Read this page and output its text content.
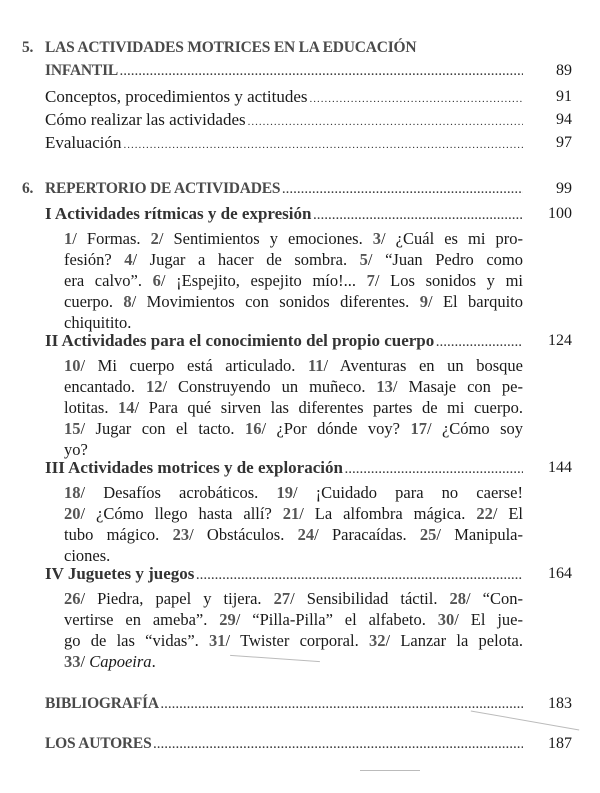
5. LAS ACTIVIDADES MOTRICES EN LA EDUCACIÓN
INFANTIL .....	89
Conceptos, procedimientos y actitudes .....	91
Cómo realizar las actividades .....	94
Evaluación .....	97
6. REPERTORIO DE ACTIVIDADES .....	99
I Actividades rítmicas y de expresión .....	100
1/ Formas. 2/ Sentimientos y emociones. 3/ ¿Cuál es mi pro-
fesión? 4/ Jugar a hacer de sombra. 5/ “Juan Pedro como
era calvo”. 6/ ¡Espejito, espejito mío!... 7/ Los sonidos y mi
cuerpo. 8/ Movimientos con sonidos diferentes. 9/ El barquito
chiquitito.
II Actividades para el conocimiento del propio cuerpo .....	124
10/ Mi cuerpo está articulado. 11/ Aventuras en un bosque
encantado. 12/ Construyendo un muñeco. 13/ Masaje con pe-
lotitas. 14/ Para qué sirven las diferentes partes de mi cuerpo.
15/ Jugar con el tacto. 16/ ¿Por dónde voy? 17/ ¿Cómo soy
yo?
III Actividades motrices y de exploración .....	144
18/ Desafíos acrobáticos. 19/ ¡Cuidado para no caerse!
20/ ¿Cómo llego hasta allí? 21/ La alfombra mágica. 22/ El
tubo mágico. 23/ Obstáculos. 24/ Paracaídas. 25/ Manipula-
ciones.
IV Juguetes y juegos .....	164
26/ Piedra, papel y tijera. 27/ Sensibilidad táctil. 28/ “Con-
vertirse en ameba”. 29/ “Pilla-Pilla” el alfabeto. 30/ El jue-
go de las “vidas”. 31/ Twister corporal. 32/ Lanzar la pelota.
33/ Capoeira.
BIBLIOGRAFÍA .....	183
LOS AUTORES .....	187
